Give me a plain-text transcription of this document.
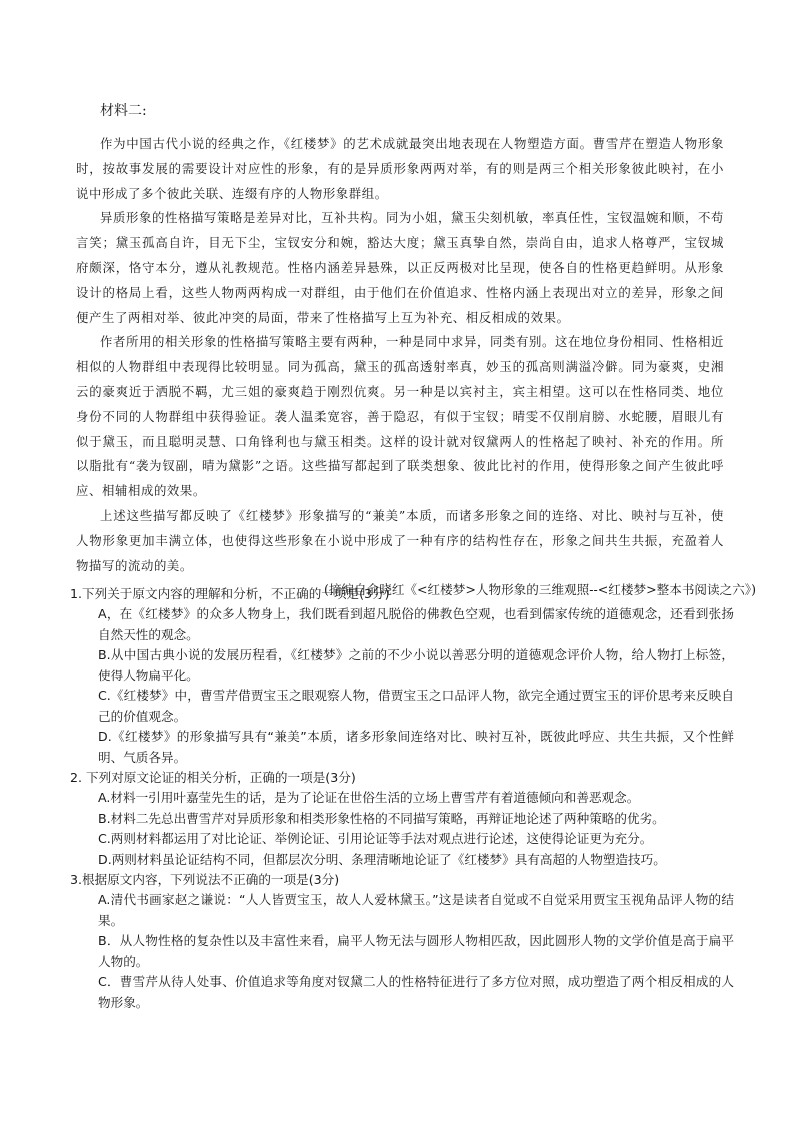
材料二:

作为中国古代小说的经典之作，《红楼梦》的艺术成就最突出地表现在人物塑造方面。曹雪芹在塑造人物形象时，按故事发展的需要设计对应性的形象，有的是异质形象两两对举，有的则是两三个相关形象彼此映衬，在小说中形成了多个彼此关联、连缀有序的人物形象群组。

异质形象的性格描写策略是差异对比，互补共构。同为小姐，黛玉尖刻机敏，率真任性，宝钗温婉和顺，不苟言笑；黛玉孤高自许，目无下尘，宝钗安分和婉，豁达大度；黛玉真挚自然，崇尚自由，追求人格尊严，宝钗城府颇深，恪守本分，遵从礼教规范。性格内涵差异悬殊，以正反两极对比呈现，使各自的性格更趋鲜明。从形象设计的格局上看，这些人物两两构成一对群组，由于他们在价值追求、性格内涵上表现出对立的差异，形象之间便产生了两相对举、彼此冲突的局面，带来了性格描写上互为补充、相反相成的效果。

作者所用的相关形象的性格描写策略主要有两种，一种是同中求异，同类有别。这在地位身份相同、性格相近相似的人物群组中表现得比较明显。同为孤高，黛玉的孤高透射率真，妙玉的孤高则满溢冷僻。同为豪爽，史湘云的豪爽近于洒脱不羁，尤三姐的豪爽趋于刚烈伉爽。另一种是以宾衬主，宾主相望。这可以在性格同类、地位身份不同的人物群组中获得验证。袭人温柔宽容，善于隐忍，有似于宝钗；晴雯不仅削肩膀、水蛇腰，眉眼儿有似于黛玉，而且聪明灵慧、口角锋利也与黛玉相类。这样的设计就对钗黛两人的性格起了映衬、补充的作用。所以脂批有“袭为钗副，晴为黛影”之语。这些描写都起到了联类想象、彼此比衬的作用，使得形象之间产生彼此呼应、相辅相成的效果。

上述这些描写都反映了《红楼梦》形象描写的“兼美”本质，而诸多形象之间的连络、对比、映衬与互补，使人物形象更加丰满立体，也使得这些形象在小说中形成了一种有序的结构性存在，形象之间共生共振，充盈着人物描写的流动的美。

(摘编自俞晓红《<红楼梦>人物形象的三维观照--<红楼梦>整本书阅读之六》)

1.下列关于原文内容的理解和分析，不正确的一项是(3分)

A，在《红楼梦》的众多人物身上，我们既看到超凡脱俗的佛教色空观，也看到儒家传统的道德观念，还看到张扬自然天性的观念。

B.从中国古典小说的发展历程看，《红楼梦》之前的不少小说以善恶分明的道德观念评价人物，给人物打上标签，使得人物扁平化。

C.《红楼梦》中，曹雪芹借贾宝玉之眼观察人物，借贾宝玉之口品评人物，欲完全通过贾宝玉的评价思考来反映自己的价值观念。

D.《红楼梦》的形象描写具有“兼美”本质，诸多形象间连络对比、映衬互补，既彼此呼应、共生共振，又个性鲜明、气质各异。

2. 下列对原文论证的相关分析，正确的一项是(3分)

A.材料一引用叶嘉莹先生的话，是为了论证在世俗生活的立场上曹雪芹有着道德倾向和善恶观念。

B.材料二先总出曹雪芹对异质形象和相类形象性格的不同描写策略，再辩证地论述了两种策略的优劣。

C.两则材料都运用了对比论证、举例论证、引用论证等手法对观点进行论述，这使得论证更为充分。

D.两则材料虽论证结构不同，但都层次分明、条理清晰地论证了《红楼梦》具有高超的人物塑造技巧。

3.根据原文内容，下列说法不正确的一项是(3分)

A.清代书画家赵之谦说：“人人皆贾宝玉，故人人爱林黛玉。”这是读者自觉或不自觉采用贾宝玉视角品评人物的结果。

B．从人物性格的复杂性以及丰富性来看，扁平人物无法与圆形人物相匹敌，因此圆形人物的文学价值是高于扁平人物的。

C．曹雪芹从待人处事、价值追求等角度对钗黛二人的性格特征进行了多方位对照，成功塑造了两个相反相成的人物形象。
